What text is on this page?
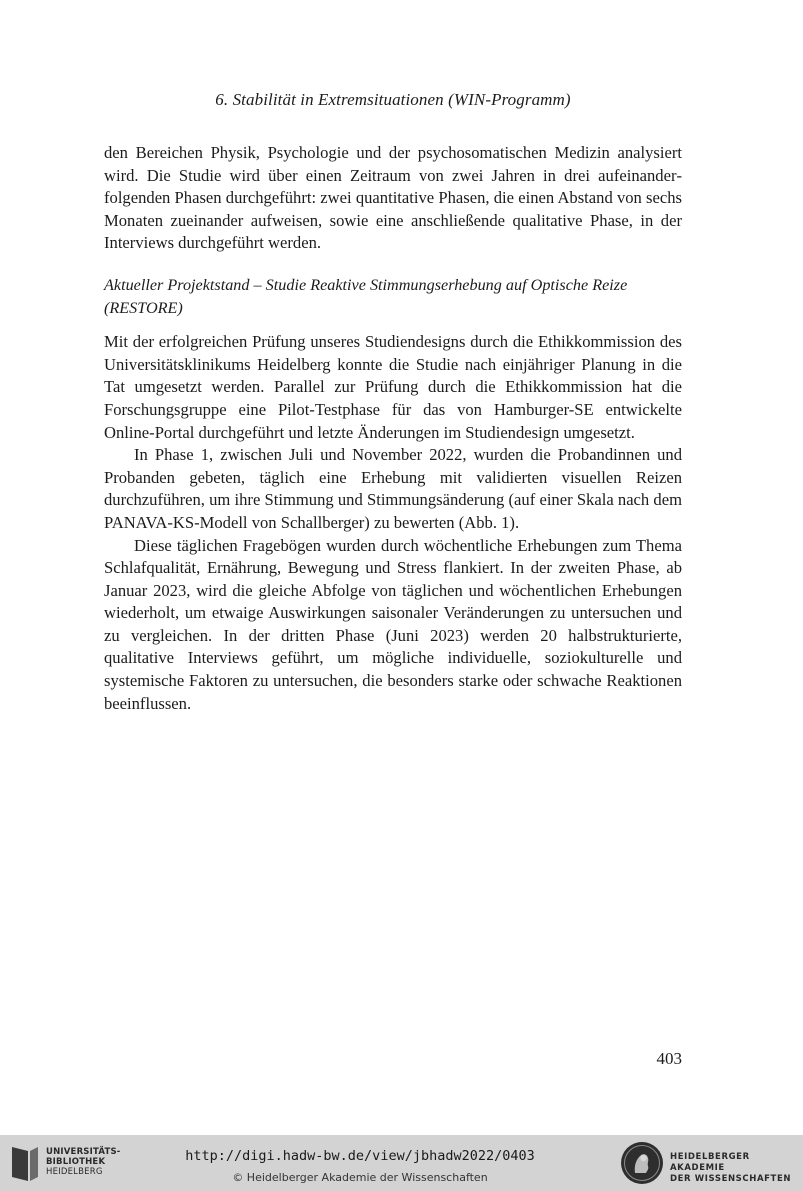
6. Stabilität in Extremsituationen (WIN-Programm)

den Bereichen Physik, Psychologie und der psychosomatischen Medizin analysiert wird. Die Studie wird über einen Zeitraum von zwei Jahren in drei aufeinanderfolgenden Phasen durchgeführt: zwei quantitative Phasen, die einen Abstand von sechs Monaten zueinander aufweisen, sowie eine anschließende qualitative Phase, in der Interviews durchgeführt werden.

Aktueller Projektstand – Studie Reaktive Stimmungserhebung auf Optische Reize (RESTORE)

Mit der erfolgreichen Prüfung unseres Studiendesigns durch die Ethikkommission des Universitätsklinikums Heidelberg konnte die Studie nach einjähriger Planung in die Tat umgesetzt werden. Parallel zur Prüfung durch die Ethikkommission hat die Forschungsgruppe eine Pilot-Testphase für das von Hamburger-SE entwickelte Online-Portal durchgeführt und letzte Änderungen im Studiendesign umgesetzt.

In Phase 1, zwischen Juli und November 2022, wurden die Probandinnen und Probanden gebeten, täglich eine Erhebung mit validierten visuellen Reizen durchzuführen, um ihre Stimmung und Stimmungsänderung (auf einer Skala nach dem PANAVA-KS-Modell von Schallberger) zu bewerten (Abb. 1).

Diese täglichen Fragebögen wurden durch wöchentliche Erhebungen zum Thema Schlafqualität, Ernährung, Bewegung und Stress flankiert. In der zweiten Phase, ab Januar 2023, wird die gleiche Abfolge von täglichen und wöchentlichen Erhebungen wiederholt, um etwaige Auswirkungen saisonaler Veränderungen zu untersuchen und zu vergleichen. In der dritten Phase (Juni 2023) werden 20 halbstrukturierte, qualitative Interviews geführt, um mögliche individuelle, soziokulturelle und systemische Faktoren zu untersuchen, die besonders starke oder schwache Reaktionen beeinflussen.

403
UNIVERSITÄTS-
BIBLIOTHEK
HEIDELBERG
http://digi.hadw-bw.de/view/jbhadw2022/0403
© Heidelberger Akademie der Wissenschaften
HEIDELBERGER AKADEMIE
DER WISSENSCHAFTEN
